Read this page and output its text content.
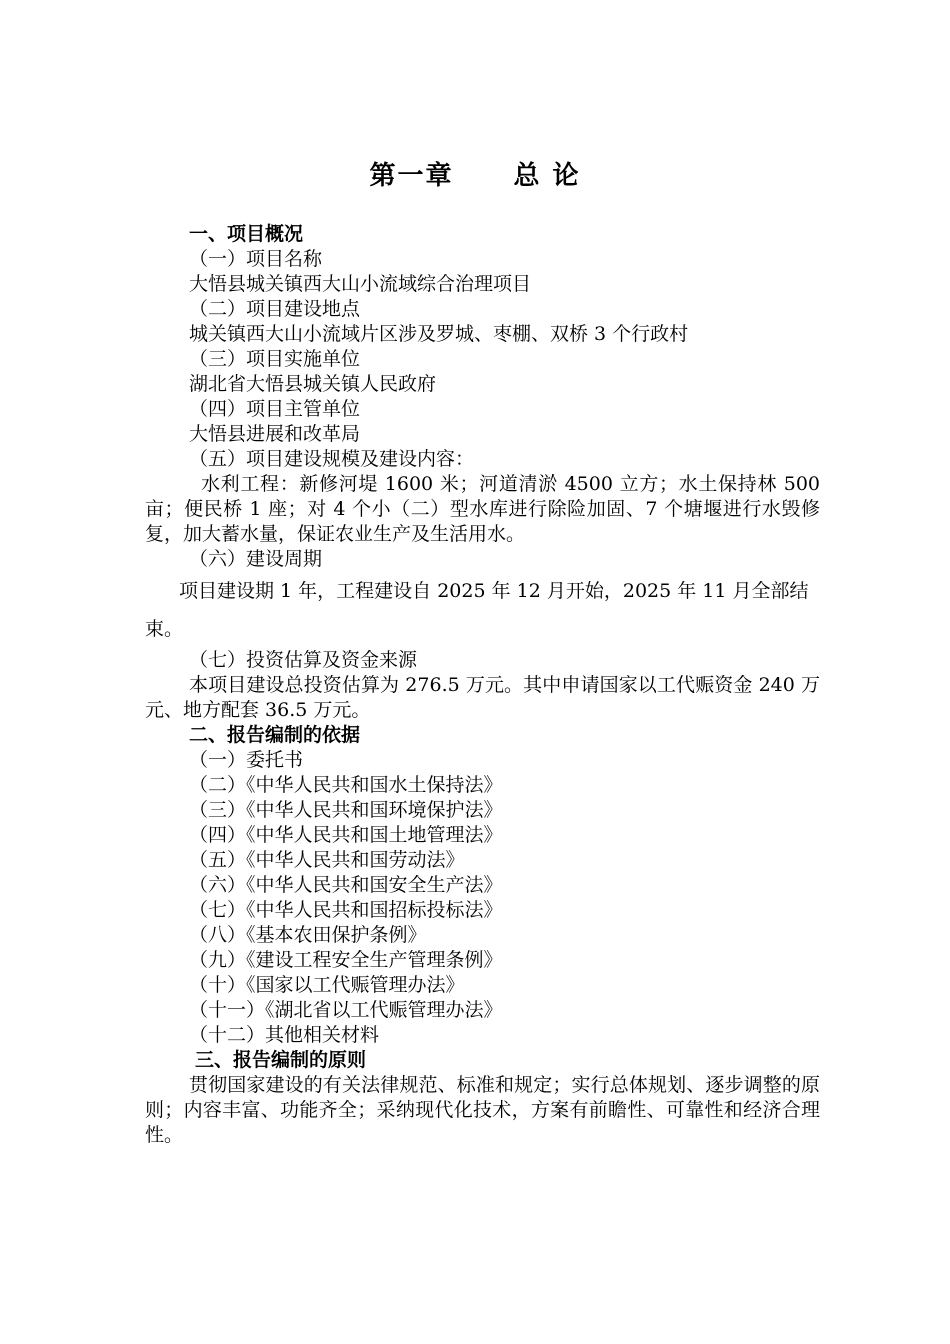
第一章 总 论

一、项目概况

（一）项目名称

大悟县城关镇西大山小流域综合治理项目

（二）项目建设地点

城关镇西大山小流域片区涉及罗城、枣棚、双桥 3 个行政村

（三）项目实施单位

湖北省大悟县城关镇人民政府

（四）项目主管单位

大悟县进展和改革局

（五）项目建设规模及建设内容：

水利工程：新修河堤 1600 米；河道清淤 4500 立方；水土保持林 500 亩；便民桥 1 座；对 4 个小（二）型水库进行除险加固、7 个塘堰进行水毁修复，加大蓄水量，保证农业生产及生活用水。

（六）建设周期

项目建设期 1 年，工程建设自 2025 年 12 月开始，2025 年 11 月全部结束。

（七）投资估算及资金来源

本项目建设总投资估算为 276.5 万元。其中申请国家以工代赈资金 240 万元、地方配套 36.5 万元。

二、报告编制的依据

（一）委托书

（二）《中华人民共和国水土保持法》

（三）《中华人民共和国环境保护法》

（四）《中华人民共和国土地管理法》

（五）《中华人民共和国劳动法》

（六）《中华人民共和国安全生产法》

（七）《中华人民共和国招标投标法》

（八）《基本农田保护条例》

（九）《建设工程安全生产管理条例》

（十）《国家以工代赈管理办法》

（十一）《湖北省以工代赈管理办法》

（十二）其他相关材料

三、报告编制的原则

贯彻国家建设的有关法律规范、标准和规定；实行总体规划、逐步调整的原则；内容丰富、功能齐全；采纳现代化技术，方案有前瞻性、可靠性和经济合理性。
